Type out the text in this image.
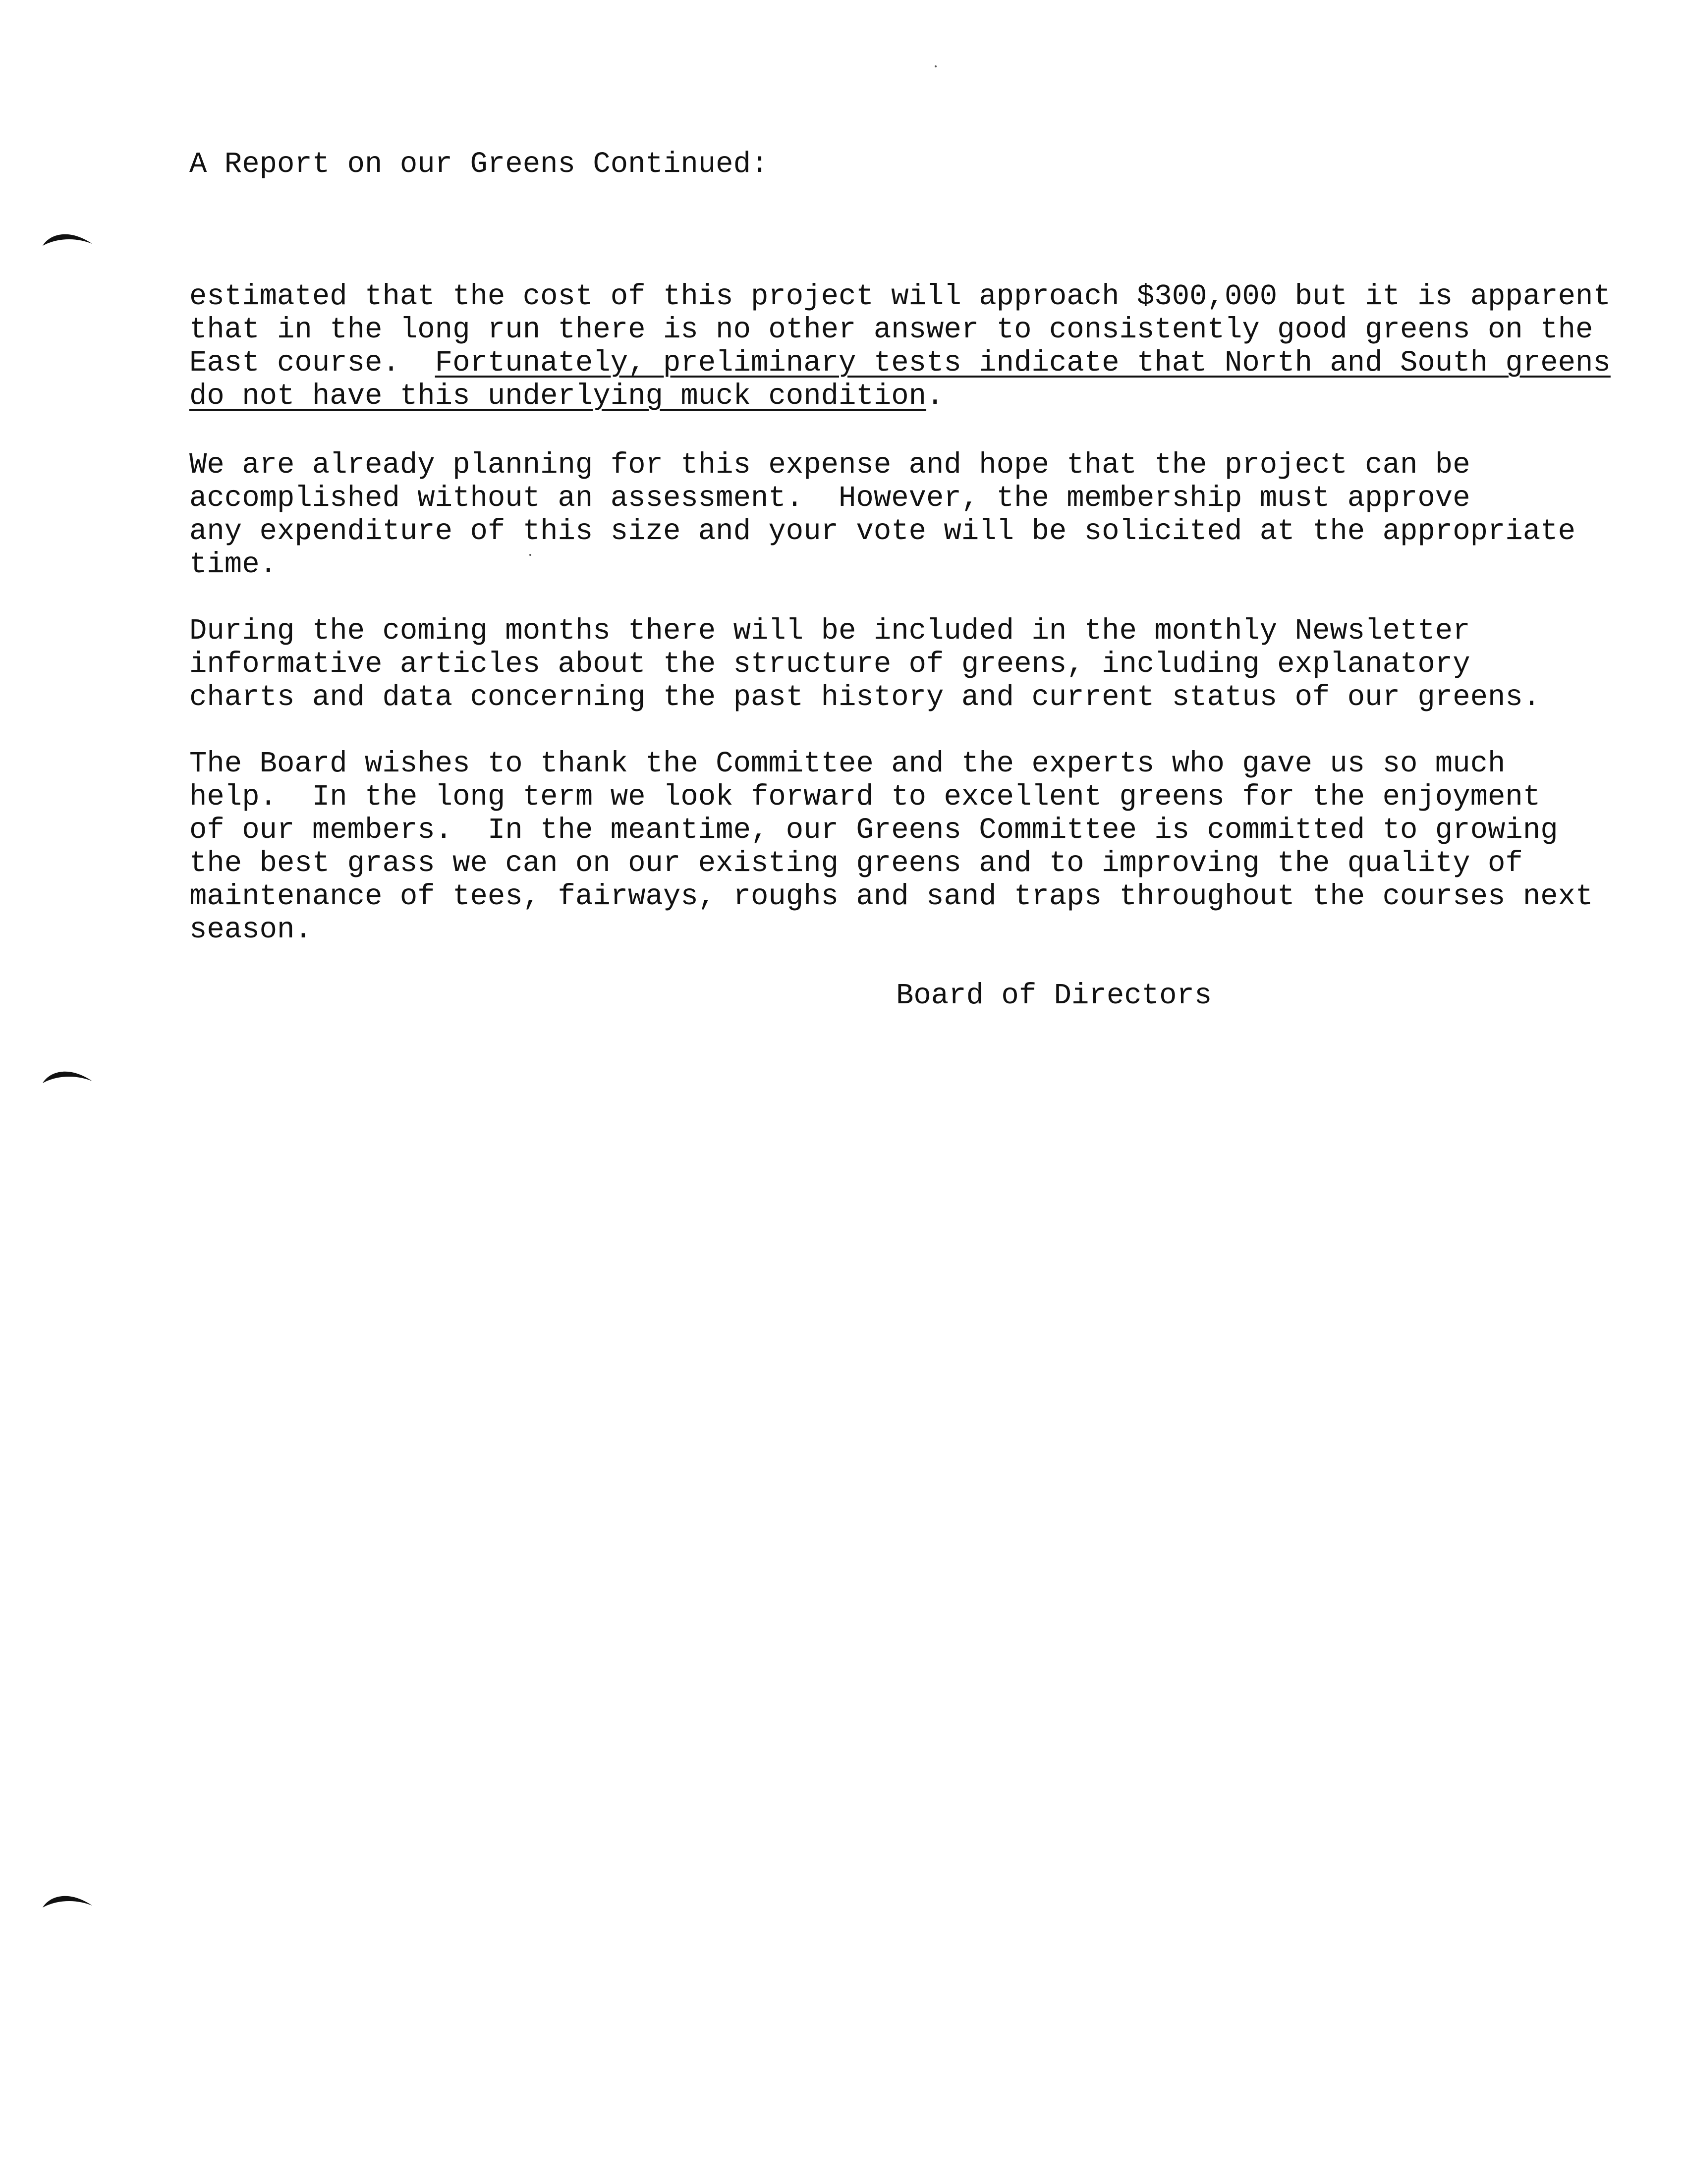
A Report on our Greens Continued:

estimated that the cost of this project will approach $300,000 but it is apparent

that in the long run there is no other answer to consistently good greens on the

East course.  Fortunately, preliminary tests indicate that North and South greens

do not have this underlying muck condition.

We are already planning for this expense and hope that the project can be

accomplished without an assessment.  However, the membership must approve

any expenditure of this size and your vote will be solicited at the appropriate

time.

During the coming months there will be included in the monthly Newsletter

informative articles about the structure of greens, including explanatory

charts and data concerning the past history and current status of our greens.

The Board wishes to thank the Committee and the experts who gave us so much

help.  In the long term we look forward to excellent greens for the enjoyment

of our members.  In the meantime, our Greens Committee is committed to growing

the best grass we can on our existing greens and to improving the quality of

maintenance of tees, fairways, roughs and sand traps throughout the courses next

season.

Board of Directors
